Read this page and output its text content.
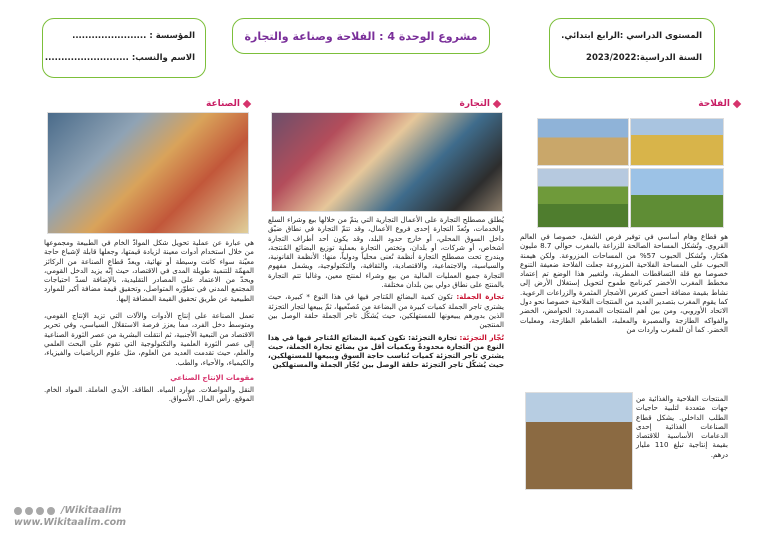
المؤسسة : .......................
الاسم والنسب: ..........................
مشروع الوحدة 4 : الفلاحة وصناعة والتجارة	المستوى الدراسي :الرابع ابتدائي.
السنة الدراسية:2023/2022
الفلاحة
التجارة
الصناعة

هو قطاع وهام أساسي في توفير فرص الشغل، خصوصا في العالم القروي. وتُشكل المساحة الصالحة للزراعة بالمغرب حوالي 8.7 مليون هكتار، وتُشكل الحبوب 57% من المساحات المزروعة. ولكن هيمنة الحبوب على المساحة الفلاحية المزروعة جعلت الفلاحة ضعيفة التنوع خصوصا مع قلة التساقطات المطرية، ولتغيير هذا الوضع تم إعتماد مخطط المغرب الأخضر كبرنامج طموح لتحويل إستغلال الأرض إلى نشاط بقيمة مضافة أحسن كغرس الأشجار المثمرة والزراعات الرعوية. كما يقوم المغرب بتصدير العديد من المنتجات الفلاحية خصوصا نحو دول الاتحاد الأوروبي، ومن بين أهم المنتجات المصدرة: الحوامض، الخضر والفواكه الطازجة والمصبرة والمعلبة، الطماطم الطازجة، ومعلبات الخضر. كما أن للمغرب واردات من

المنتجات الفلاحية والغذائية من جهات متعددة لتلبية حاجيات الطلب الداخلي. يشكل قطاع الصناعات الغذائية إحدى الدعامات الأساسية للاقتصاد بقيمة إنتاجية تبلغ 110 مليار درهم.

يُطلق مصطلح التجارة على الأعمال التجارية التي يتمّ من خلالها بيع وشراء السلع والخدمات، وتُعدّ التجارة إحدى فروع الأعمال، وقد تتمّ التجارة في نطاق ضيّق داخل السوق المحلي، أو خارج حدود البلد، وقد يكون أحد أطراف التجارة أشخاص، أو شركات، أو بلدان، وتختص التجارة بعملية توزيع البضائع المُنتجة، ويندرج تحت مصطلح التجارة أنظمة تُعنى محلياً ودولياً، منها: الأنظمة القانونية، والسياسية، والاجتماعية، والاقتصادية، والثقافية، والتكنولوجية، ويشمل مفهوم التجارة جميع العمليات المالية من بيع وشراء لمنتج معين، وغالبا تتم التجارة بالمنتج على نطاق دولي بين بلدان مختلفة.

تجارة الجملة: تكون كمية البضائع المُتاجر فيها في هذا النوع * كبيرة، حيث يشتري تاجر الجملة كميات كبيرة من البضاعة من مُصنّعيها، ثمّ يبيعها لتجار التجزئة الذين بدورهم يبيعونها للمستهلكين، حيث يُشكّل تاجر الجملة حلقة الوصل بين المنتجين

تُجّار التجزئة: تجارة التجزئة: تكون كمية البضائع المُتاجر فيها في هذا النوع من التجارة محدودةً وبكميات أقل من بضائع تجارة الجملة، حيث يشتري تاجر التجزئة كميات تُناسب حاجة السوق ويبيعها للمستهلكين، حيث يُشكّل تاجر التجزئة حلقة الوصل بين تُجّار الجملة والمستهلكين

هي عبارة عن عملية تحويل شكل الموادّ الخام في الطبيعة ومجموعها من خلال استخدام أدوات معينة لزيادة قيمتها، وجعلها قابلة لإشباع حاجة معيّنة سواء كانت وسيطة أو نهائية، ويعدّ قطاع الصناعة من الركائز المهمّة للتنمية طويلة المدى في الاقتصاد، حيث إنّه يزيد الدخل القومي، ويحدّ من الاعتماد على المصادر التقليدية، بالإضافة لسدّ احتياجات المجتمع المدني في تطوّره المتواصل، وتحقيق قيمة مضافة أكبر للموارد الطبيعية عن طريق تحقيق القيمة المضافة إليها.

تعمل الصناعة على إنتاج الأدوات والآلات التي تزيد الإنتاج القومي، ومتوسط دخل الفرد، مما يعزز فرصة الاستقلال السياسي، وفي تحرير الاقتصاد من التبعية الأجنبية، ثم انتقلت البشرية من عصر الثورة الصناعية إلى عصر الثورة العلمية والتكنولوجية التي تقوم على البحث العلمي والعلم، حيث تقدمت العديد من العلوم، مثل علوم الرياضيات والفيزياء، والكيمياء، والأحياء، والطب.

مقومات الإنتاج الصناعي

النقل والمواصلات. موارد المياه. الطاقة. الأيدي العاملة. المواد الخام. الموقع. رأس المال. الأسواق.

/Wikitaalim
www.Wikitaalim.com
